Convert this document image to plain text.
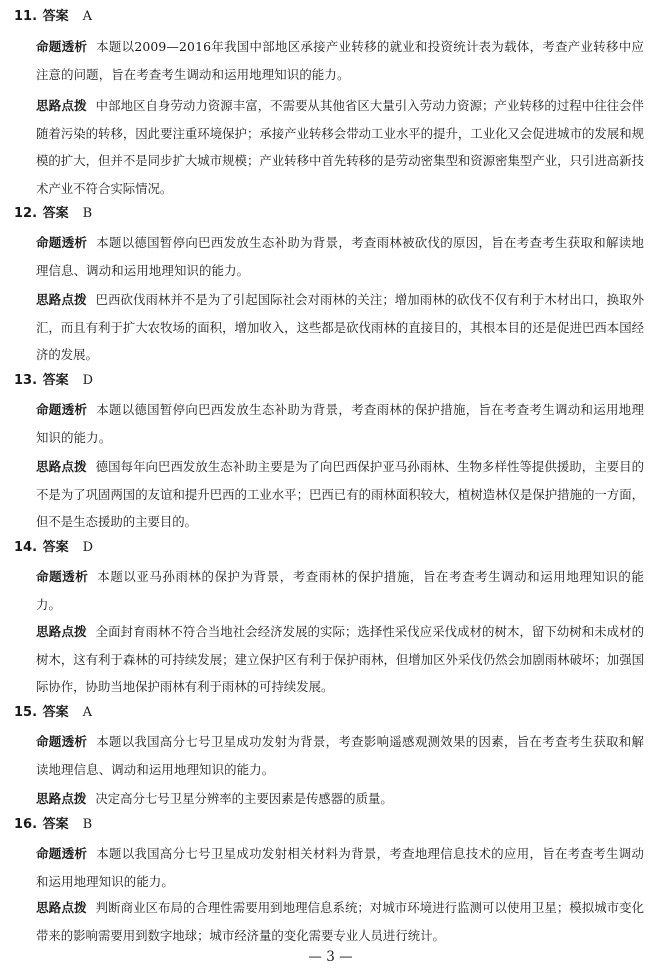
11. 答案 A
命题透析 本题以2009—2016年我国中部地区承接产业转移的就业和投资统计表为载体，考查产业转移中应注意的问题，旨在考查考生调动和运用地理知识的能力。
思路点拨 中部地区自身劳动力资源丰富，不需要从其他省区大量引入劳动力资源；产业转移的过程中往往会伴随着污染的转移，因此要注重环境保护；承接产业转移会带动工业水平的提升，工业化又会促进城市的发展和规模的扩大，但并不是同步扩大城市规模；产业转移中首先转移的是劳动密集型和资源密集型产业，只引进高新技术产业不符合实际情况。
12. 答案 B
命题透析 本题以德国暂停向巴西发放生态补助为背景，考查雨林被砍伐的原因，旨在考查考生获取和解读地理信息、调动和运用地理知识的能力。
思路点拨 巴西砍伐雨林并不是为了引起国际社会对雨林的关注；增加雨林的砍伐不仅有利于木材出口，换取外汇，而且有利于扩大农牧场的面积，增加收入，这些都是砍伐雨林的直接目的，其根本目的还是促进巴西本国经济的发展。
13. 答案 D
命题透析 本题以德国暂停向巴西发放生态补助为背景，考查雨林的保护措施，旨在考查考生调动和运用地理知识的能力。
思路点拨 德国每年向巴西发放生态补助主要是为了向巴西保护亚马孙雨林、生物多样性等提供援助，主要目的不是为了巩固两国的友谊和提升巴西的工业水平；巴西已有的雨林面积较大，植树造林仅是保护措施的一方面，但不是生态援助的主要目的。
14. 答案 D
命题透析 本题以亚马孙雨林的保护为背景，考查雨林的保护措施，旨在考查考生调动和运用地理知识的能力。
思路点拨 全面封育雨林不符合当地社会经济发展的实际；选择性采伐应采伐成材的树木，留下幼树和未成材的树木，这有利于森林的可持续发展；建立保护区有利于保护雨林，但增加区外采伐仍然会加剧雨林破坏；加强国际协作，协助当地保护雨林有利于雨林的可持续发展。
15. 答案 A
命题透析 本题以我国高分七号卫星成功发射为背景，考查影响遥感观测效果的因素，旨在考查考生获取和解读地理信息、调动和运用地理知识的能力。
思路点拨 决定高分七号卫星分辨率的主要因素是传感器的质量。
16. 答案 B
命题透析 本题以我国高分七号卫星成功发射相关材料为背景，考查地理信息技术的应用，旨在考查考生调动和运用地理知识的能力。
思路点拨 判断商业区布局的合理性需要用到地理信息系统；对城市环境进行监测可以使用卫星；模拟城市变化带来的影响需要用到数字地球；城市经济量的变化需要专业人员进行统计。
— 3 —
